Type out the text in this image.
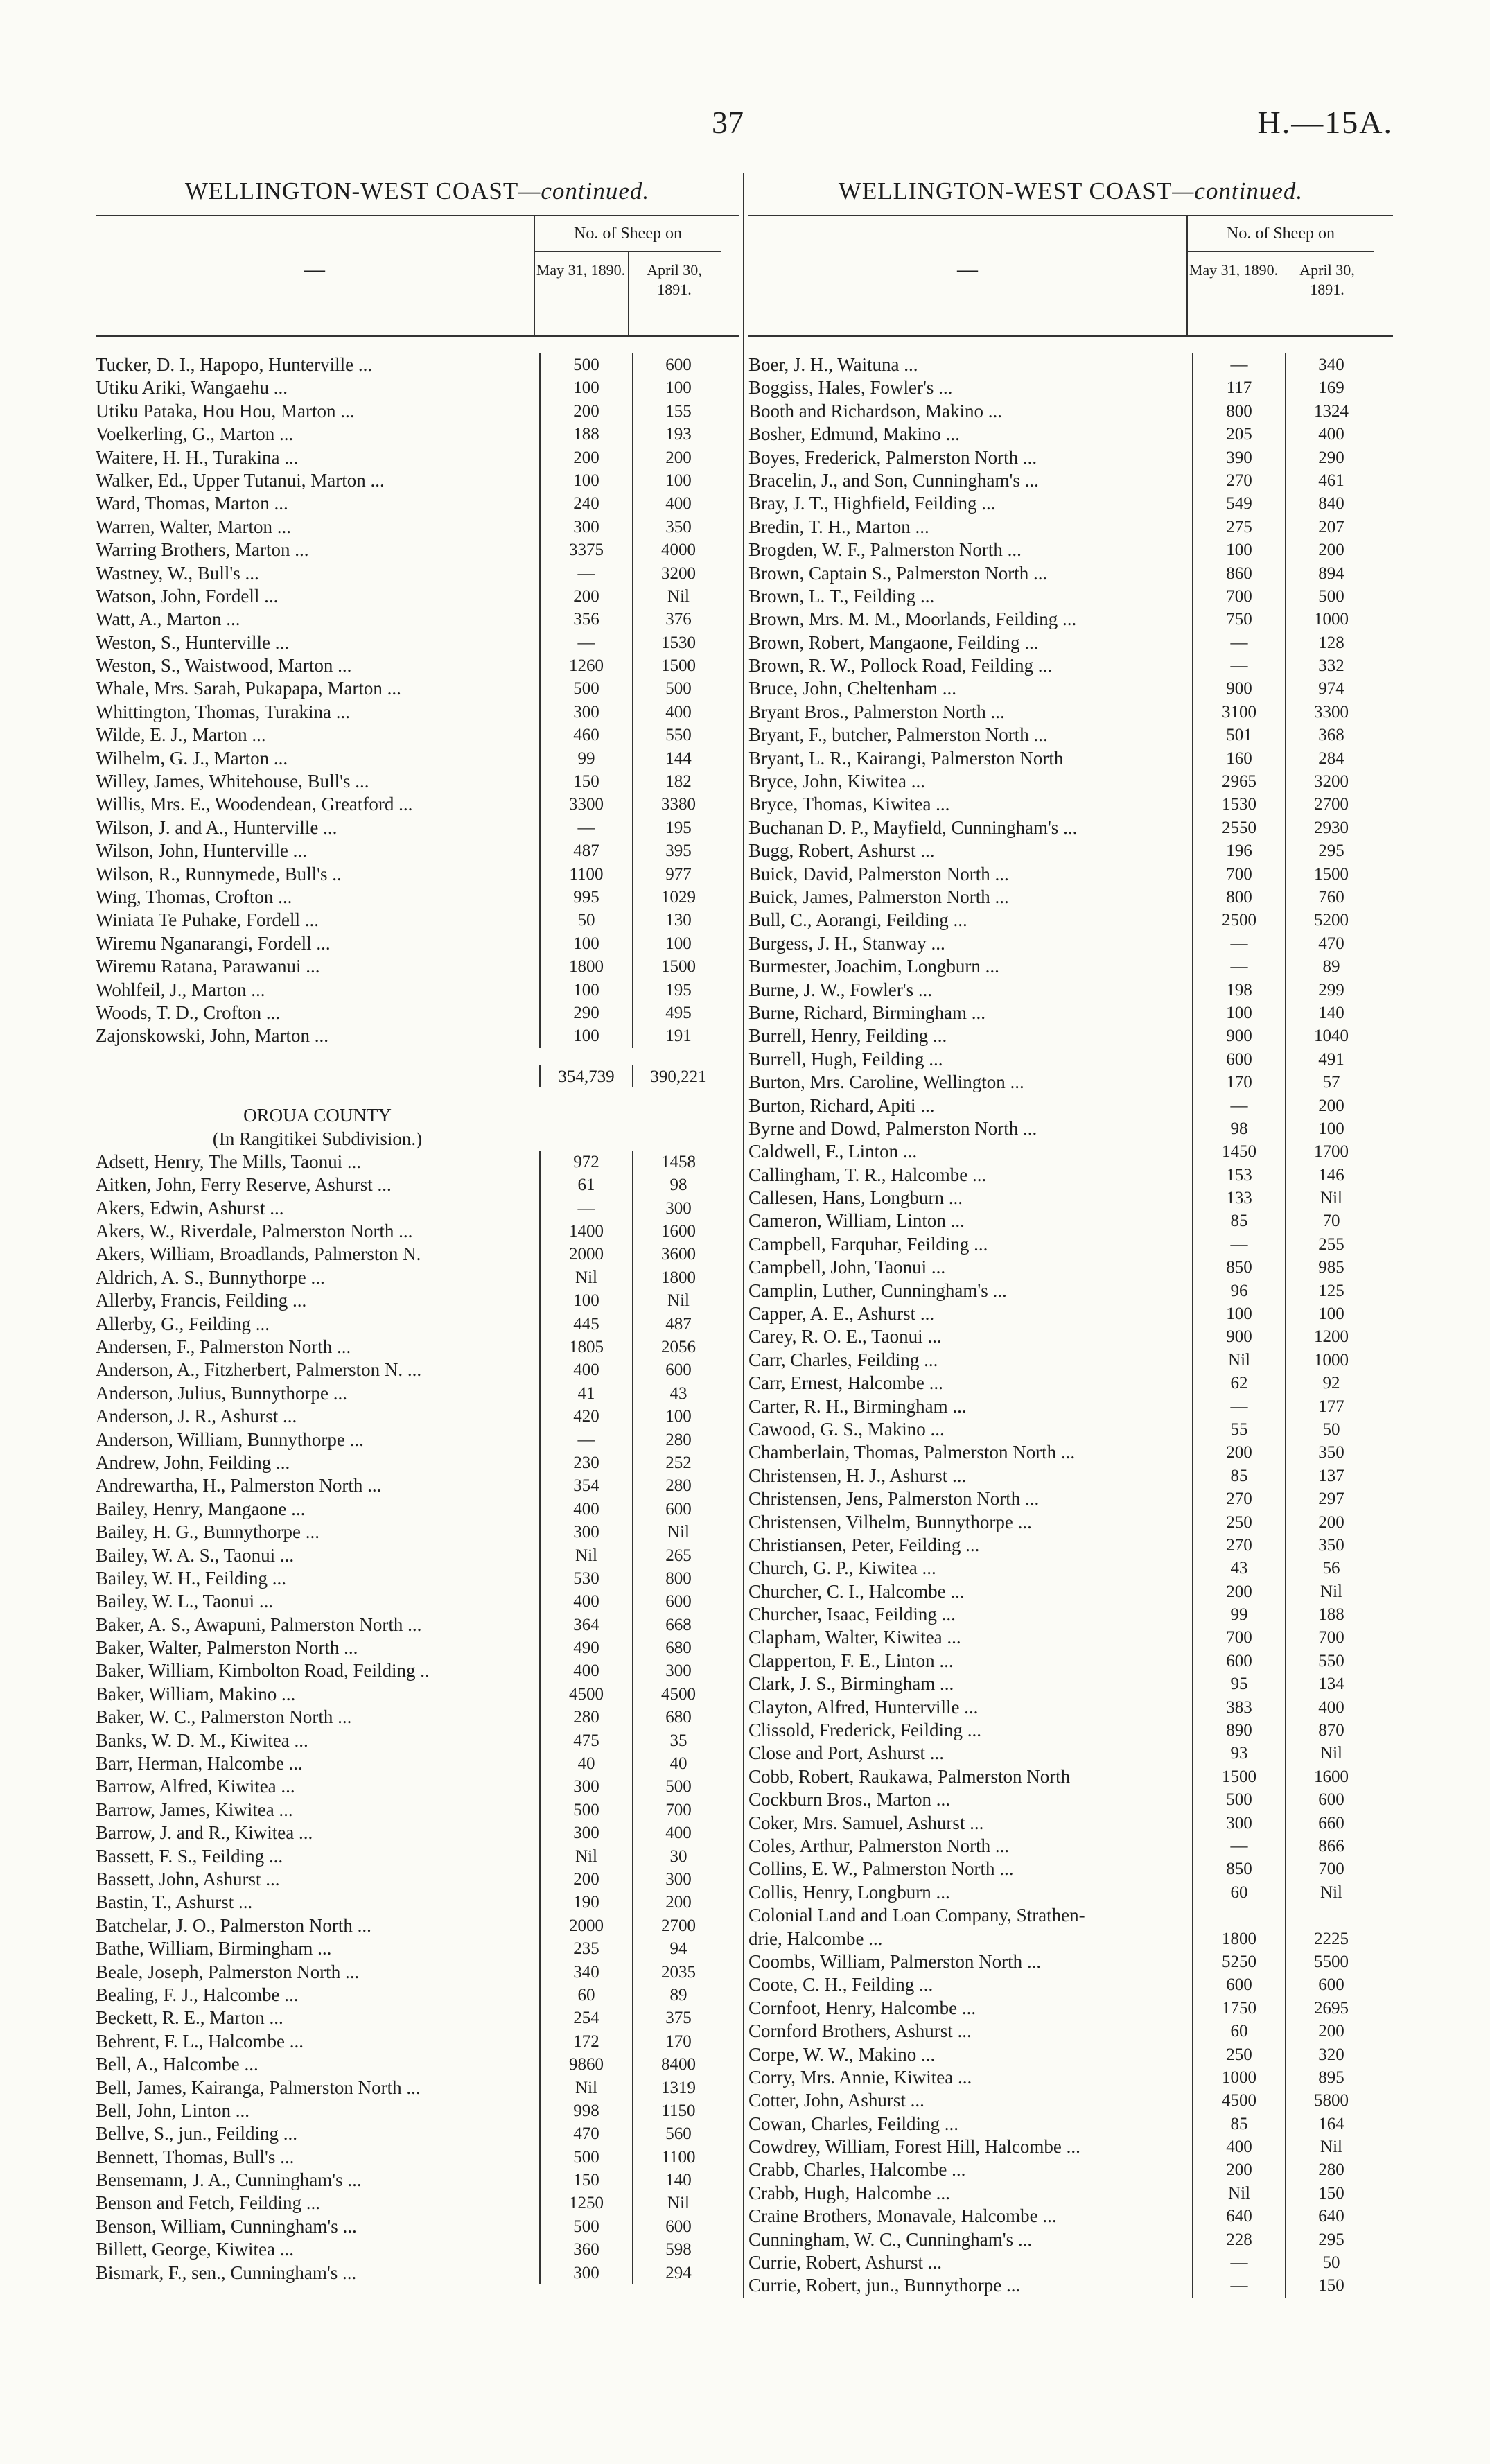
37	H.—15A.
WELLINGTON-WEST COAST—continued.
—
No. of Sheep on
May 31, 1890.	April 30, 1891.
Tucker, D. I., Hapopo, Hunterville ...	500	600
Utiku Ariki, Wangaehu ...	100	100
Utiku Pataka, Hou Hou, Marton ...	200	155
Voelkerling, G., Marton ...	188	193
Waitere, H. H., Turakina ...	200	200
Walker, Ed., Upper Tutanui, Marton ...	100	100
Ward, Thomas, Marton ...	240	400
Warren, Walter, Marton ...	300	350
Warring Brothers, Marton ...	3375	4000
Wastney, W., Bull's ...	—	3200
Watson, John, Fordell ...	200	Nil
Watt, A., Marton ...	356	376
Weston, S., Hunterville ...	—	1530
Weston, S., Waistwood, Marton ...	1260	1500
Whale, Mrs. Sarah, Pukapapa, Marton ...	500	500
Whittington, Thomas, Turakina ...	300	400
Wilde, E. J., Marton ...	460	550
Wilhelm, G. J., Marton ...	99	144
Willey, James, Whitehouse, Bull's ...	150	182
Willis, Mrs. E., Woodendean, Greatford ...	3300	3380
Wilson, J. and A., Hunterville ...	—	195
Wilson, John, Hunterville ...	487	395
Wilson, R., Runnymede, Bull's ..	1100	977
Wing, Thomas, Crofton ...	995	1029
Winiata Te Puhake, Fordell ...	50	130
Wiremu Nganarangi, Fordell ...	100	100
Wiremu Ratana, Parawanui ...	1800	1500
Wohlfeil, J., Marton ...	100	195
Woods, T. D., Crofton ...	290	495
Zajonskowski, John, Marton ...	100	191
354,739	390,221
OROUA COUNTY
(In Rangitikei Subdivision.)
Adsett, Henry, The Mills, Taonui ...	972	1458
Aitken, John, Ferry Reserve, Ashurst ...	61	98
Akers, Edwin, Ashurst ...	—	300
Akers, W., Riverdale, Palmerston North ...	1400	1600
Akers, William, Broadlands, Palmerston N.	2000	3600
Aldrich, A. S., Bunnythorpe ...	Nil	1800
Allerby, Francis, Feilding ...	100	Nil
Allerby, G., Feilding ...	445	487
Andersen, F., Palmerston North ...	1805	2056
Anderson, A., Fitzherbert, Palmerston N. ...	400	600
Anderson, Julius, Bunnythorpe ...	41	43
Anderson, J. R., Ashurst ...	420	100
Anderson, William, Bunnythorpe ...	—	280
Andrew, John, Feilding ...	230	252
Andrewartha, H., Palmerston North ...	354	280
Bailey, Henry, Mangaone ...	400	600
Bailey, H. G., Bunnythorpe ...	300	Nil
Bailey, W. A. S., Taonui ...	Nil	265
Bailey, W. H., Feilding ...	530	800
Bailey, W. L., Taonui ...	400	600
Baker, A. S., Awapuni, Palmerston North ...	364	668
Baker, Walter, Palmerston North ...	490	680
Baker, William, Kimbolton Road, Feilding ..	400	300
Baker, William, Makino ...	4500	4500
Baker, W. C., Palmerston North ...	280	680
Banks, W. D. M., Kiwitea ...	475	35
Barr, Herman, Halcombe ...	40	40
Barrow, Alfred, Kiwitea ...	300	500
Barrow, James, Kiwitea ...	500	700
Barrow, J. and R., Kiwitea ...	300	400
Bassett, F. S., Feilding ...	Nil	30
Bassett, John, Ashurst ...	200	300
Bastin, T., Ashurst ...	190	200
Batchelar, J. O., Palmerston North ...	2000	2700
Bathe, William, Birmingham ...	235	94
Beale, Joseph, Palmerston North ...	340	2035
Bealing, F. J., Halcombe ...	60	89
Beckett, R. E., Marton ...	254	375
Behrent, F. L., Halcombe ...	172	170
Bell, A., Halcombe ...	9860	8400
Bell, James, Kairanga, Palmerston North ...	Nil	1319
Bell, John, Linton ...	998	1150
Bellve, S., jun., Feilding ...	470	560
Bennett, Thomas, Bull's ...	500	1100
Bensemann, J. A., Cunningham's ...	150	140
Benson and Fetch, Feilding ...	1250	Nil
Benson, William, Cunningham's ...	500	600
Billett, George, Kiwitea ...	360	598
Bismark, F., sen., Cunningham's ...	300	294
WELLINGTON-WEST COAST—continued.
—
No. of Sheep on
May 31, 1890.	April 30, 1891.
Boer, J. H., Waituna ...	—	340
Boggiss, Hales, Fowler's ...	117	169
Booth and Richardson, Makino ...	800	1324
Bosher, Edmund, Makino ...	205	400
Boyes, Frederick, Palmerston North ...	390	290
Bracelin, J., and Son, Cunningham's ...	270	461
Bray, J. T., Highfield, Feilding ...	549	840
Bredin, T. H., Marton ...	275	207
Brogden, W. F., Palmerston North ...	100	200
Brown, Captain S., Palmerston North ...	860	894
Brown, L. T., Feilding ...	700	500
Brown, Mrs. M. M., Moorlands, Feilding ...	750	1000
Brown, Robert, Mangaone, Feilding ...	—	128
Brown, R. W., Pollock Road, Feilding ...	—	332
Bruce, John, Cheltenham ...	900	974
Bryant Bros., Palmerston North ...	3100	3300
Bryant, F., butcher, Palmerston North ...	501	368
Bryant, L. R., Kairangi, Palmerston North	160	284
Bryce, John, Kiwitea ...	2965	3200
Bryce, Thomas, Kiwitea ...	1530	2700
Buchanan D. P., Mayfield, Cunningham's ...	2550	2930
Bugg, Robert, Ashurst ...	196	295
Buick, David, Palmerston North ...	700	1500
Buick, James, Palmerston North ...	800	760
Bull, C., Aorangi, Feilding ...	2500	5200
Burgess, J. H., Stanway ...	—	470
Burmester, Joachim, Longburn ...	—	89
Burne, J. W., Fowler's ...	198	299
Burne, Richard, Birmingham ...	100	140
Burrell, Henry, Feilding ...	900	1040
Burrell, Hugh, Feilding ...	600	491
Burton, Mrs. Caroline, Wellington ...	170	57
Burton, Richard, Apiti ...	—	200
Byrne and Dowd, Palmerston North ...	98	100
Caldwell, F., Linton ...	1450	1700
Callingham, T. R., Halcombe ...	153	146
Callesen, Hans, Longburn ...	133	Nil
Cameron, William, Linton ...	85	70
Campbell, Farquhar, Feilding ...	—	255
Campbell, John, Taonui ...	850	985
Camplin, Luther, Cunningham's ...	96	125
Capper, A. E., Ashurst ...	100	100
Carey, R. O. E., Taonui ...	900	1200
Carr, Charles, Feilding ...	Nil	1000
Carr, Ernest, Halcombe ...	62	92
Carter, R. H., Birmingham ...	—	177
Cawood, G. S., Makino ...	55	50
Chamberlain, Thomas, Palmerston North ...	200	350
Christensen, H. J., Ashurst ...	85	137
Christensen, Jens, Palmerston North ...	270	297
Christensen, Vilhelm, Bunnythorpe ...	250	200
Christiansen, Peter, Feilding ...	270	350
Church, G. P., Kiwitea ...	43	56
Churcher, C. I., Halcombe ...	200	Nil
Churcher, Isaac, Feilding ...	99	188
Clapham, Walter, Kiwitea ...	700	700
Clapperton, F. E., Linton ...	600	550
Clark, J. S., Birmingham ...	95	134
Clayton, Alfred, Hunterville ...	383	400
Clissold, Frederick, Feilding ...	890	870
Close and Port, Ashurst ...	93	Nil
Cobb, Robert, Raukawa, Palmerston North	1500	1600
Cockburn Bros., Marton ...	500	600
Coker, Mrs. Samuel, Ashurst ...	300	660
Coles, Arthur, Palmerston North ...	—	866
Collins, E. W., Palmerston North ...	850	700
Collis, Henry, Longburn ...	60	Nil
Colonial Land and Loan Company, Strathen-
drie, Halcombe ...	1800	2225
Coombs, William, Palmerston North ...	5250	5500
Coote, C. H., Feilding ...	600	600
Cornfoot, Henry, Halcombe ...	1750	2695
Cornford Brothers, Ashurst ...	60	200
Corpe, W. W., Makino ...	250	320
Corry, Mrs. Annie, Kiwitea ...	1000	895
Cotter, John, Ashurst ...	4500	5800
Cowan, Charles, Feilding ...	85	164
Cowdrey, William, Forest Hill, Halcombe ...	400	Nil
Crabb, Charles, Halcombe ...	200	280
Crabb, Hugh, Halcombe ...	Nil	150
Craine Brothers, Monavale, Halcombe ...	640	640
Cunningham, W. C., Cunningham's ...	228	295
Currie, Robert, Ashurst ...	—	50
Currie, Robert, jun., Bunnythorpe ...	—	150
